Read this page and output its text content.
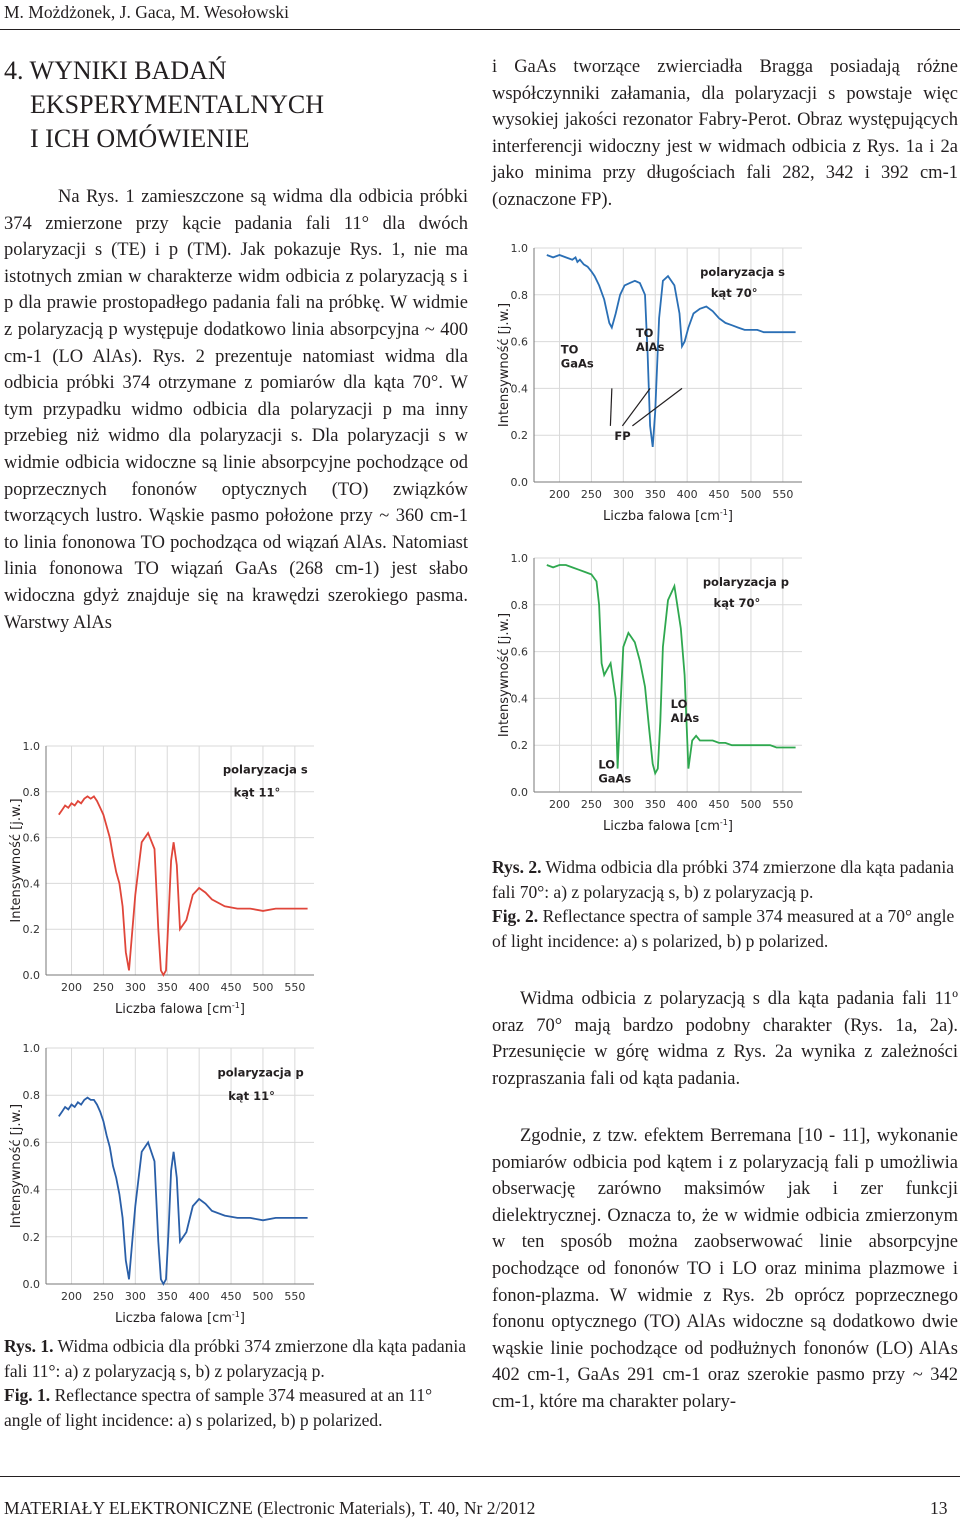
M. Możdżonek, J. Gaca, M. Wesołowski
4. WYNIKI BADAŃ
EKSPERYMENTALNYCH
I ICH OMÓWIENIE
Na Rys. 1 zamieszczone są widma dla odbicia próbki 374 zmierzone przy kącie padania fali 11° dla dwóch polaryzacji s (TE) i p (TM). Jak pokazuje Rys. 1, nie ma istotnych zmian w charakterze widm odbicia z polaryzacją s i p dla prawie prostopadłego padania fali na próbkę. W widmie z polaryzacją p występuje dodatkowo linia absorpcyjna ~ 400 cm-1 (LO AlAs). Rys. 2 prezentuje natomiast widma dla odbicia próbki 374 otrzymane z pomiarów dla kąta 70°. W tym przypadku widmo odbicia dla polaryzacji p ma inny przebieg niż widmo dla polaryzacji s. Dla polaryzacji s w widmie odbicia widoczne są linie absorpcyjne pochodzące od poprzecznych fononów optycznych (TO) związków tworzących lustro. Wąskie pasmo położone przy ~ 360 cm-1 to linia fononowa TO pochodząca od wiązań AlAs. Natomiast linia fononowa TO wiązań GaAs (268 cm-1) jest słabo widoczna gdyż znajduje się na krawędzi szerokiego pasma. Warstwy AlAs
i GaAs tworzące zwierciadła Bragga posiadają różne współczynniki załamania, dla polaryzacji s powstaje więc wysokiej jakości rezonator Fabry-Perot. Obraz występujących interferencji widoczny jest w widmach odbicia z Rys. 1a i 2a jako minima przy długościach fali 282, 342 i 392 cm-1 (oznaczone FP).
Widma odbicia z polaryzacją s dla kąta padania fali 11º oraz 70° mają bardzo podobny charakter (Rys. 1a, 2a). Przesunięcie w górę widma z Rys. 2a wynika z zależności rozpraszania fali od kąta padania.
Zgodnie, z tzw. efektem Berremana [10 - 11], wykonanie pomiarów odbicia pod kątem i z polaryzacją fali p umożliwia obserwację zarówno maksimów jak i zer funkcji dielektrycznej. Oznacza to, że w widmie odbicia zmierzonym w ten sposób można zaobserwować linie absorpcyjne pochodzące od fononów TO i LO oraz minima plazmowe i fonon-plazma. W widmie z Rys. 2b oprócz poprzecznego fononu optycznego (TO) AlAs widoczne są dodatkowo dwie wąskie linie pochodzące od podłużnych fononów (LO) AlAs 402 cm-1, GaAs 291 cm-1 oraz szerokie pasmo przy ~ 342 cm-1, które ma charakter polary-
200 250 300 350 400 450 500 550
0.0
0.2
0.4
0.6
0.8
1.0
Liczba falowa $[cm^{-1}]$
Intensywność [j.w.]
polaryzacja s
kąt 70°
TO
GaAs
TO
AlAs
FP
200 250 300 350 400 450 500 550
0.0
0.2
0.4
0.6
0.8
1.0
Liczba falowa $[cm^{-1}]$
Intensywność [j.w.]
polaryzacja p
kąt 70°
LO
AlAs
LO
GaAs
200 250 300 350 400 450 500 550
0.0
0.2
0.4
0.6
0.8
1.0
Liczba falowa $[cm^{-1}]$
Intensywność [j.w.]
polaryzacja s
kąt 11°
200 250 300 350 400 450 500 550
0.0
0.2
0.4
0.6
0.8
1.0
Liczba falowa $[cm^{-1}]$
Intensywność [j.w.]
polaryzacja p
kąt 11°
Rys. 1. Widma odbicia dla próbki 374 zmierzone dla kąta padania fali 11°: a) z polaryzacją s, b) z polaryzacją p.
Fig. 1. Reflectance spectra of sample 374 measured at an 11° angle of light incidence: a) s polarized, b) p polarized.
Rys. 2. Widma odbicia dla próbki 374 zmierzone dla kąta padania fali 70°: a) z polaryzacją s, b) z polaryzacją p.
Fig. 2. Reflectance spectra of sample 374 measured at a 70° angle of light incidence: a) s polarized, b) p polarized.
MATERIAŁY ELEKTRONICZNE (Electronic Materials), T. 40, Nr 2/2012	13
